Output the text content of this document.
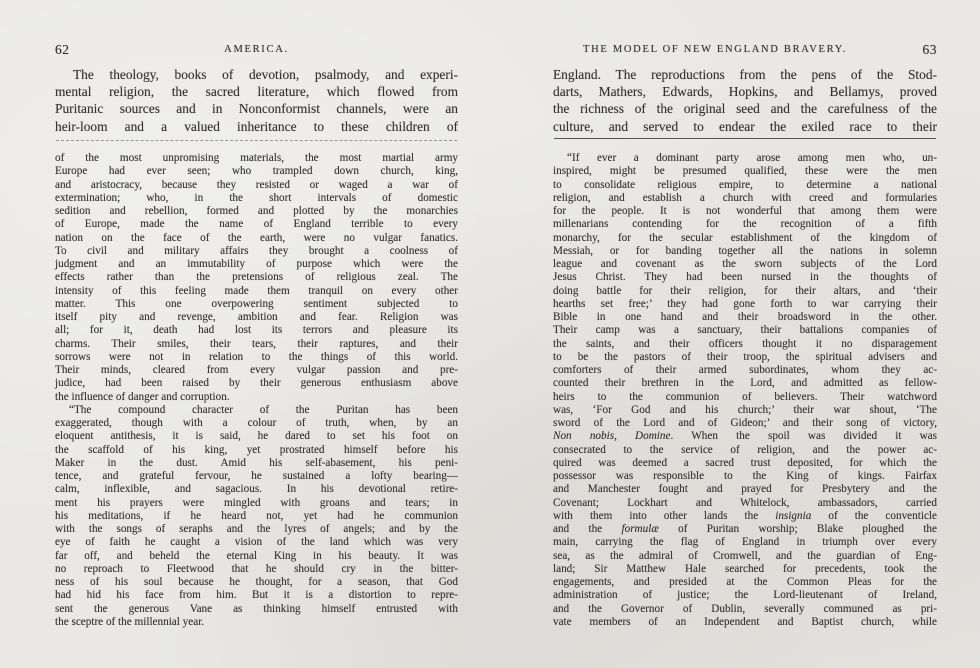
62	AMERICA.
The theology, books of devotion, psalmody, and experi-
mental religion, the sacred literature, which flowed from
Puritanic sources and in Nonconformist channels, were an
heir-loom and a valued inheritance to these children of
of the most unpromising materials, the most martial army
Europe had ever seen; who trampled down church, king,
and aristocracy, because they resisted or waged a war of
extermination; who, in the short intervals of domestic
sedition and rebellion, formed and plotted by the monarchies
of Europe, made the name of England terrible to every
nation on the face of the earth, were no vulgar fanatics.
To civil and military affairs they brought a coolness of
judgment and an immutability of purpose which were the
effects rather than the pretensions of religious zeal. The
intensity of this feeling made them tranquil on every other
matter. This one overpowering sentiment subjected to
itself pity and revenge, ambition and fear. Religion was
all; for it, death had lost its terrors and pleasure its
charms. Their smiles, their tears, their raptures, and their
sorrows were not in relation to the things of this world.
Their minds, cleared from every vulgar passion and pre-
judice, had been raised by their generous enthusiasm above
the influence of danger and corruption.
“The compound character of the Puritan has been
exaggerated, though with a colour of truth, when, by an
eloquent antithesis, it is said, he dared to set his foot on
the scaffold of his king, yet prostrated himself before his
Maker in the dust. Amid his self-abasement, his peni-
tence, and grateful fervour, he sustained a lofty bearing—
calm, inflexible, and sagacious. In his devotional retire-
ment his prayers were mingled with groans and tears; in
his meditations, if he heard not, yet had he communion
with the songs of seraphs and the lyres of angels; and by the
eye of faith he caught a vision of the land which was very
far off, and beheld the eternal King in his beauty. It was
no reproach to Fleetwood that he should cry in the bitter-
ness of his soul because he thought, for a season, that God
had hid his face from him. But it is a distortion to repre-
sent the generous Vane as thinking himself entrusted with
the sceptre of the millennial year.
THE MODEL OF NEW ENGLAND BRAVERY.	63
England. The reproductions from the pens of the Stod-
darts, Mathers, Edwards, Hopkins, and Bellamys, proved
the richness of the original seed and the carefulness of the
culture, and served to endear the exiled race to their
“If ever a dominant party arose among men who, un-
inspired, might be presumed qualified, these were the men
to consolidate religious empire, to determine a national
religion, and establish a church with creed and formularies
for the people. It is not wonderful that among them were
millenarians contending for the recognition of a fifth
monarchy, for the secular establishment of the kingdom of
Messiah, or for banding together all the nations in solemn
league and covenant as the sworn subjects of the Lord
Jesus Christ. They had been nursed in the thoughts of
doing battle for their religion, for their altars, and ‘their
hearths set free;’ they had gone forth to war carrying their
Bible in one hand and their broadsword in the other.
Their camp was a sanctuary, their battalions companies of
the saints, and their officers thought it no disparagement
to be the pastors of their troop, the spiritual advisers and
comforters of their armed subordinates, whom they ac-
counted their brethren in the Lord, and admitted as fellow-
heirs to the communion of believers. Their watchword
was, ‘For God and his church;’ their war shout, ‘The
sword of the Lord and of Gideon;’ and their song of victory,
Non nobis, Domine. When the spoil was divided it was
consecrated to the service of religion, and the power ac-
quired was deemed a sacred trust deposited, for which the
possessor was responsible to the King of kings. Fairfax
and Manchester fought and prayed for Presbytery and the
Covenant; Lockhart and Whitelock, ambassadors, carried
with them into other lands the insignia of the conventicle
and the formulæ of Puritan worship; Blake ploughed the
main, carrying the flag of England in triumph over every
sea, as the admiral of Cromwell, and the guardian of Eng-
land; Sir Matthew Hale searched for precedents, took the
engagements, and presided at the Common Pleas for the
administration of justice; the Lord-lieutenant of Ireland,
and the Governor of Dublin, severally communed as pri-
vate members of an Independent and Baptist church, while
